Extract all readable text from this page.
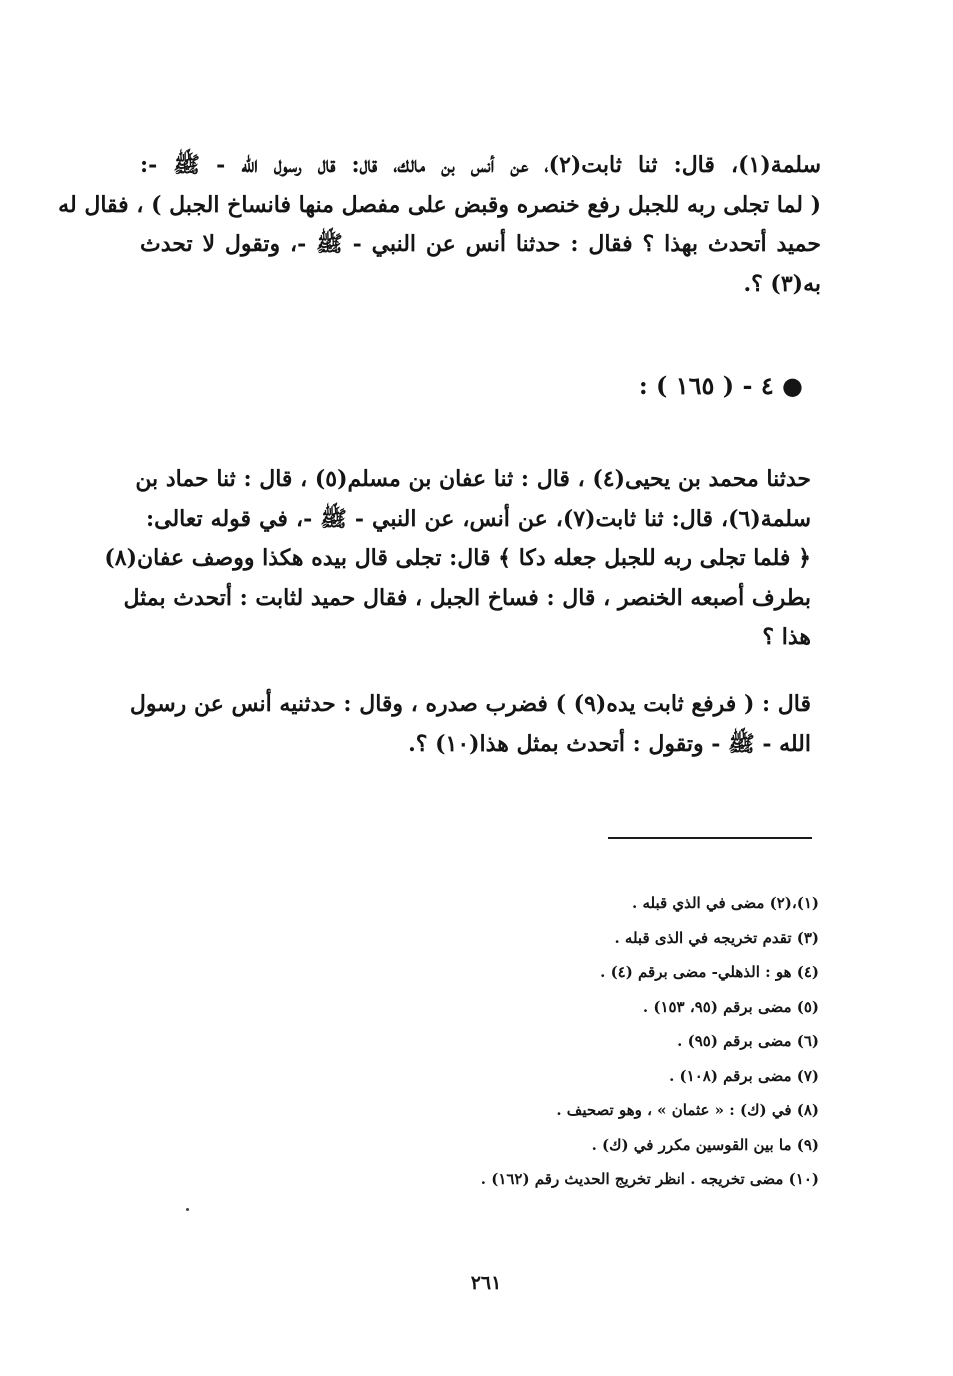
سلمة(١)، قال: ثنا ثابت(٢)، عن أنس بن مالك، قال: قال رسول الله - ﷺ -:
( لما تجلى ربه للجبل رفع خنصره وقبض على مفصل منها فانساخ الجبل ) ، فقال له
حميد أتحدث بهذا ؟ فقال : حدثنا أنس عن النبي - ﷺ -، وتقول لا تحدث
به(٣) ؟.
● ٤ - ( ١٦٥ ) :
حدثنا محمد بن يحيى(٤) ، قال : ثنا عفان بن مسلم(٥) ، قال : ثنا حماد بن
سلمة(٦)، قال: ثنا ثابت(٧)، عن أنس، عن النبي - ﷺ -، في قوله تعالى:
﴿ فلما تجلى ربه للجبل جعله دكا ﴾ قال: تجلى قال بيده هكذا ووصف عفان(٨)
بطرف أصبعه الخنصر ، قال : فساخ الجبل ، فقال حميد لثابت : أتحدث بمثل
هذا ؟
قال : ( فرفع ثابت يده(٩) ) فضرب صدره ، وقال : حدثنيه أنس عن رسول
الله - ﷺ - وتقول : أتحدث بمثل هذا(١٠) ؟.
(١)،(٢) مضى في الذي قبله .
(٣) تقدم تخريجه في الذى قبله .
(٤) هو : الذهلي- مضى برقم (٤) .
(٥) مضى برقم (٩٥، ١٥٣) .
(٦) مضى برقم (٩٥) .
(٧) مضى برقم (١٠٨) .
(٨) في (ك) : « عثمان » ، وهو تصحيف .
(٩) ما بين القوسين مكرر في (ك) .
(١٠) مضى تخريجه . انظر تخريج الحديث رقم (١٦٢) .
٢٦١
